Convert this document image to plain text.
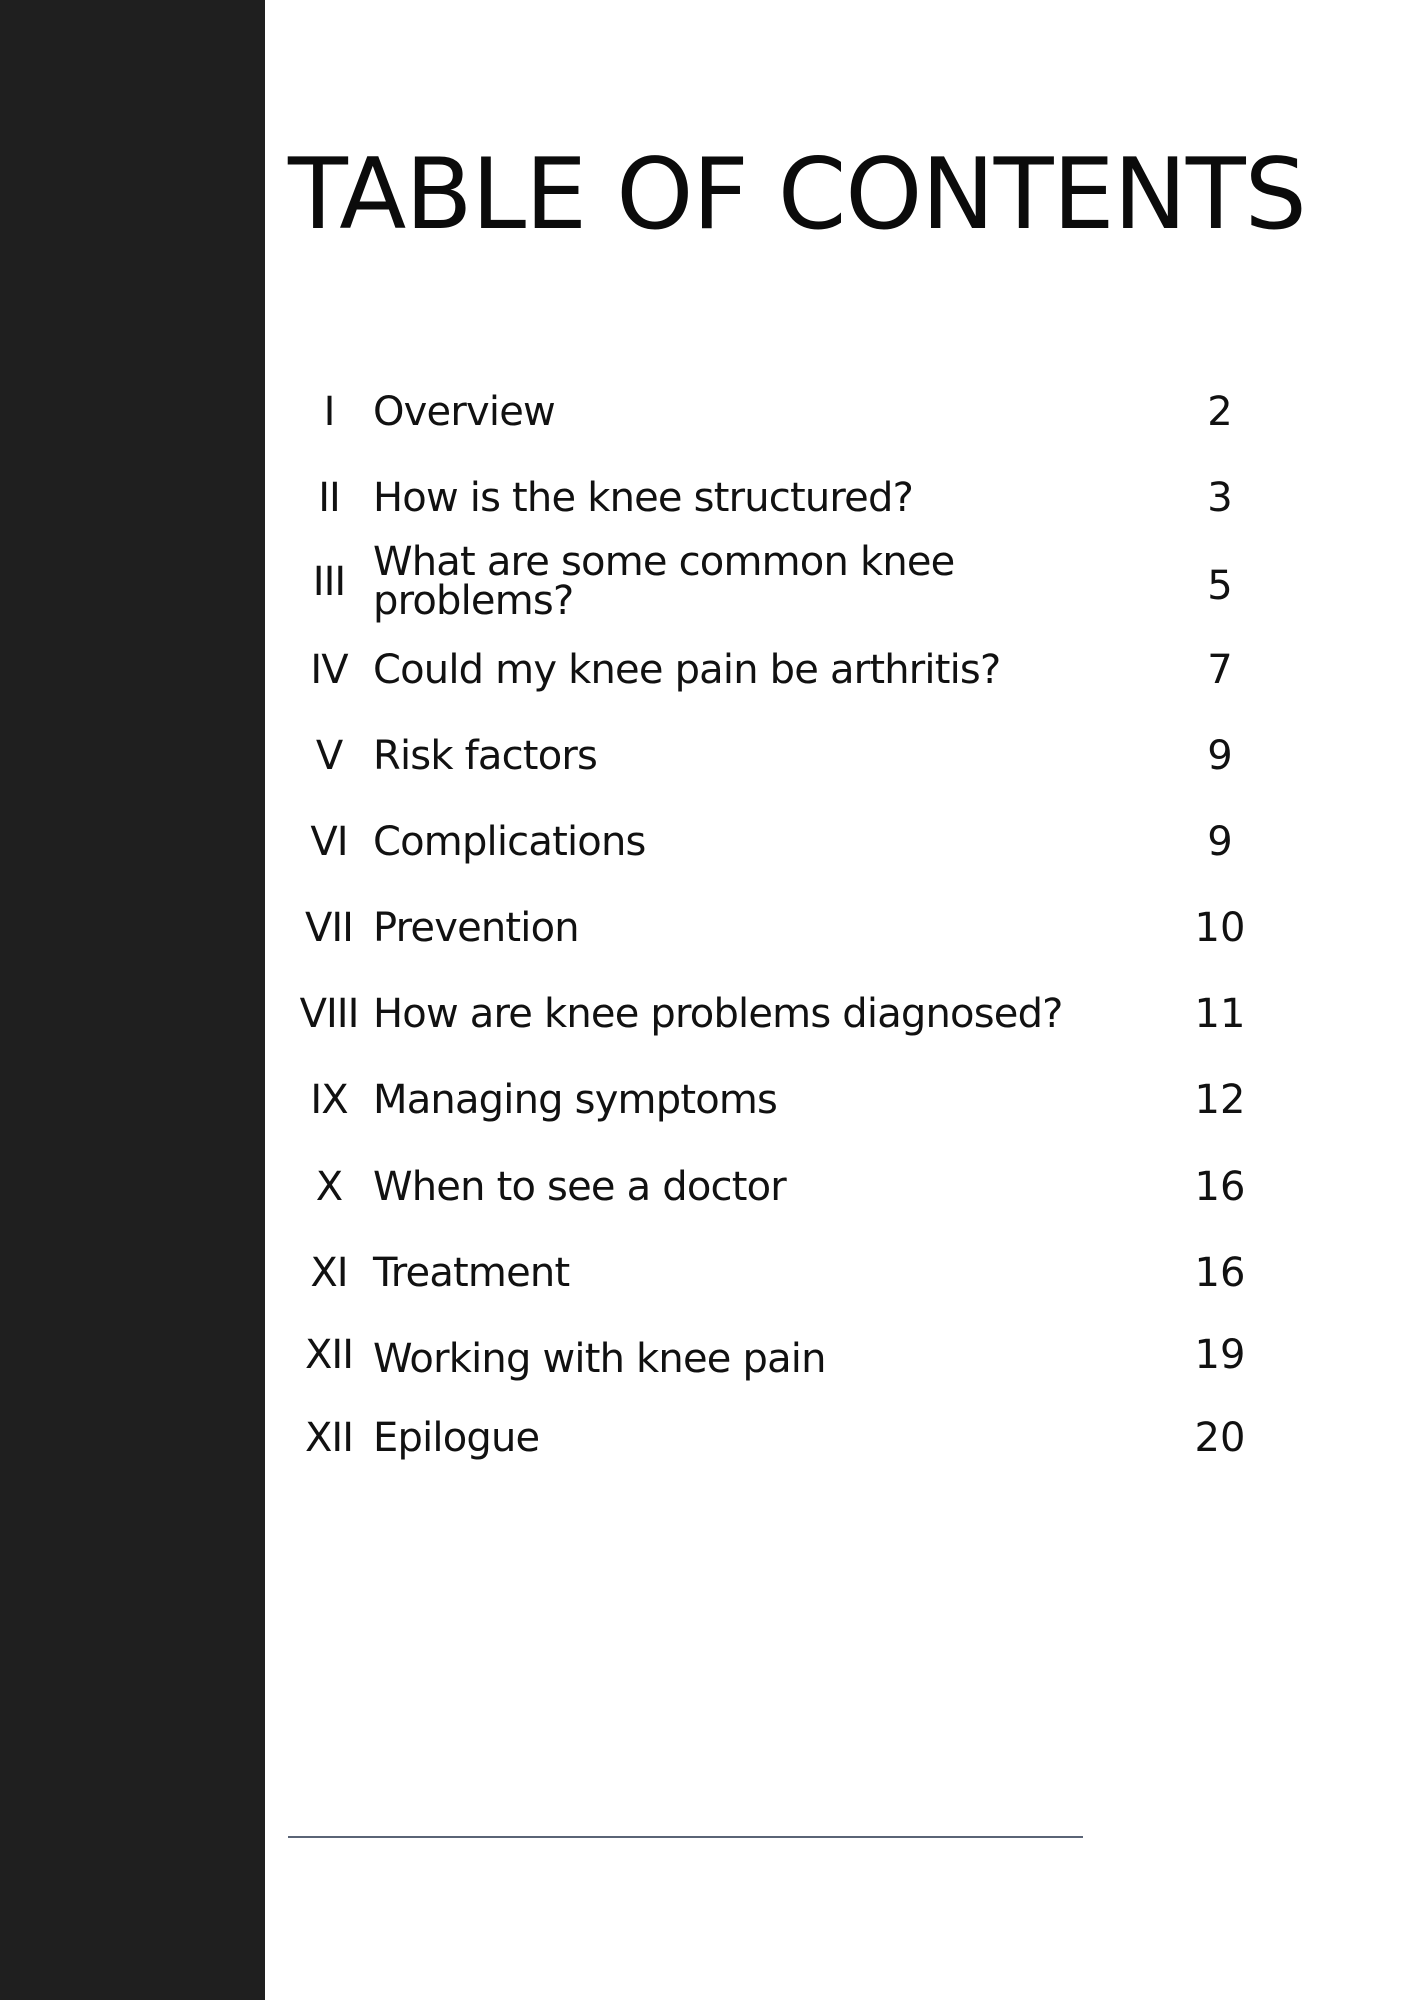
TABLE OF CONTENTS
I Overview	2
II How is the knee structured?	3
III What are some common knee problems?	5
IV Could my knee pain be arthritis?	7
V Risk factors	9
VI Complications	9
VII Prevention	10
VIII How are knee problems diagnosed?	11
IX Managing symptoms	12
X When to see a doctor	16
XI Treatment	16
XII Working with knee pain	19
XII Epilogue	20
